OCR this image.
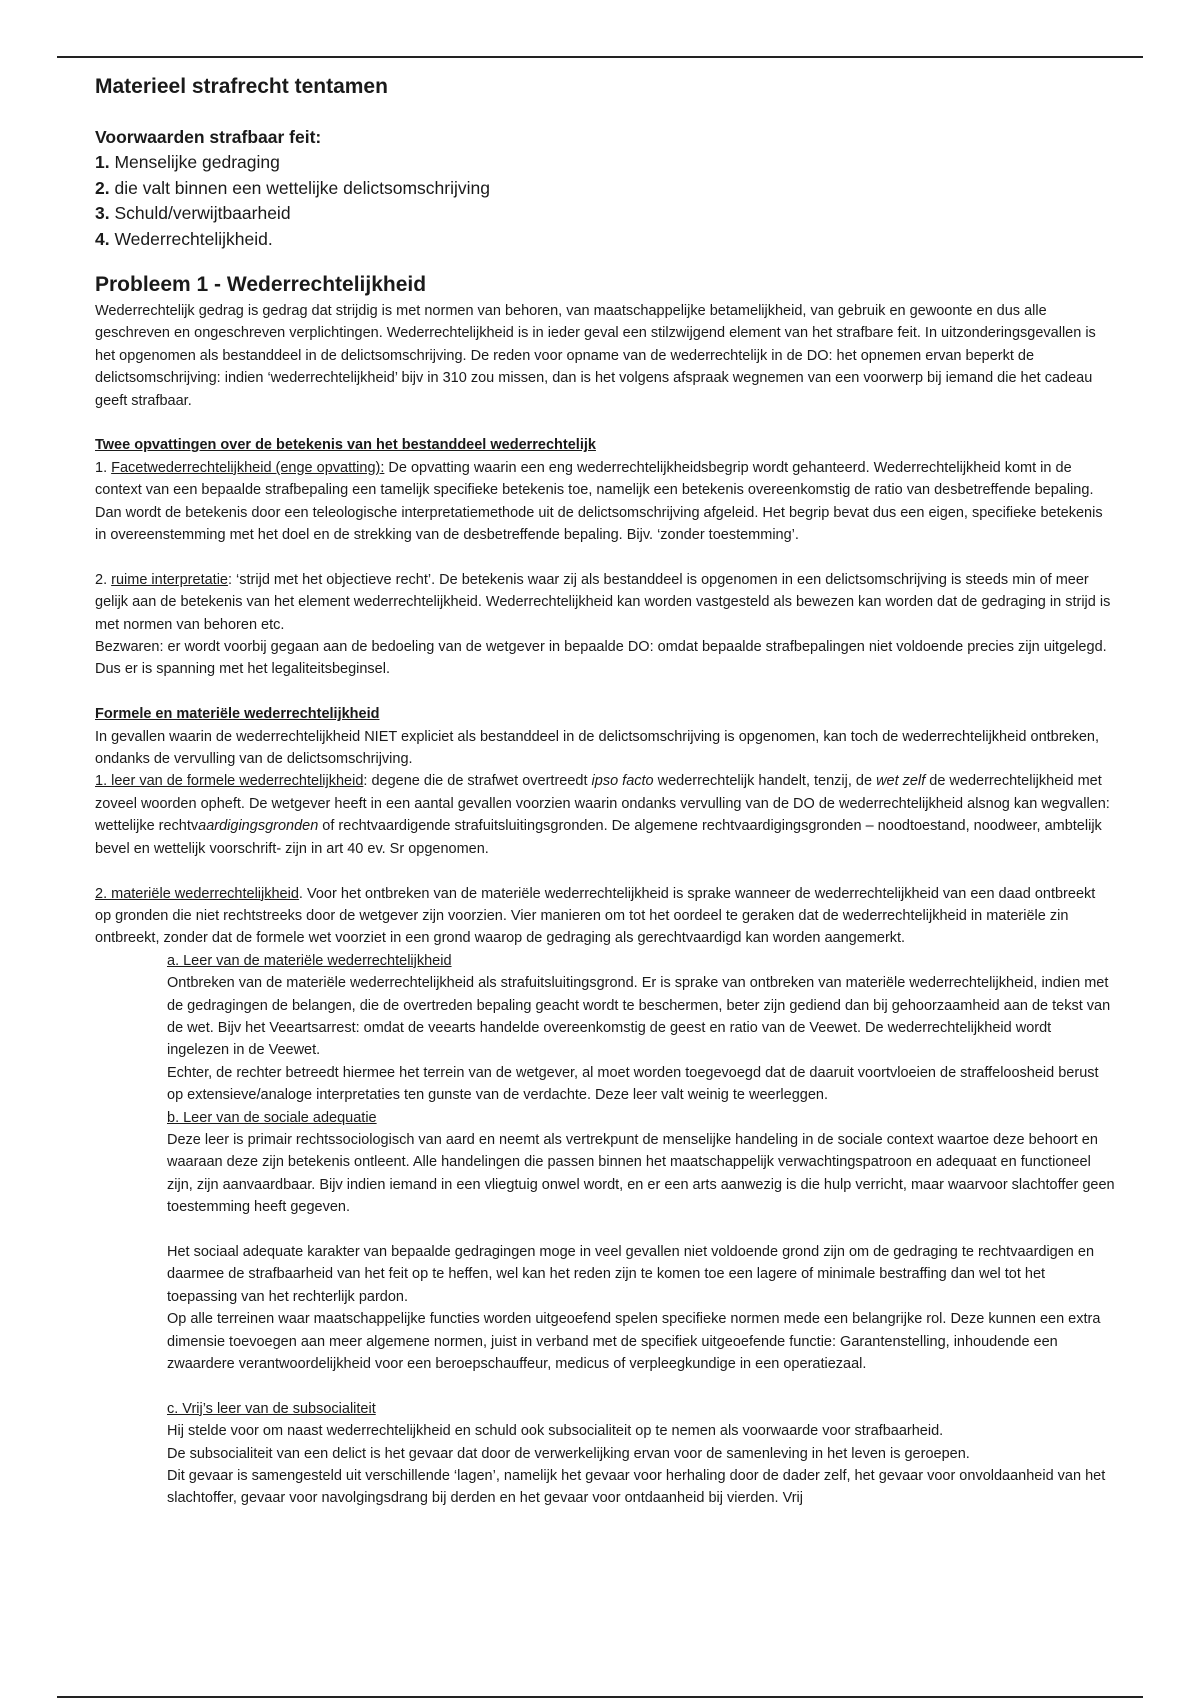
Materieel strafrecht tentamen

Voorwaarden strafbaar feit:

1. Menselijke gedraging
2. die valt binnen een wettelijke delictsomschrijving
3. Schuld/verwijtbaarheid
4. Wederrechtelijkheid.
Probleem 1 - Wederrechtelijkheid

Wederrechtelijk gedrag is gedrag dat strijdig is met normen van behoren, van maatschappelijke betamelijkheid, van gebruik en gewoonte en dus alle geschreven en ongeschreven verplichtingen. Wederrechtelijkheid is in ieder geval een stilzwijgend element van het strafbare feit. In uitzonderingsgevallen is het opgenomen als bestanddeel in de delictsomschrijving. De reden voor opname van de wederrechtelijk in de DO: het opnemen ervan beperkt de delictsomschrijving: indien ‘wederrechtelijkheid’ bijv in 310 zou missen, dan is het volgens afspraak wegnemen van een voorwerp bij iemand die het cadeau geeft strafbaar.

Twee opvattingen over de betekenis van het bestanddeel wederrechtelijk

1. Facetwederrechtelijkheid (enge opvatting): De opvatting waarin een eng wederrechtelijkheidsbegrip wordt gehanteerd. Wederrechtelijkheid komt in de context van een bepaalde strafbepaling een tamelijk specifieke betekenis toe, namelijk een betekenis overeenkomstig de ratio van desbetreffende bepaling. Dan wordt de betekenis door een teleologische interpretatiemethode uit de delictsomschrijving afgeleid. Het begrip bevat dus een eigen, specifieke betekenis in overeenstemming met het doel en de strekking van de desbetreffende bepaling. Bijv. ‘zonder toestemming’.

2. ruime interpretatie: ‘strijd met het objectieve recht’. De betekenis waar zij als bestanddeel is opgenomen in een delictsomschrijving is steeds min of meer gelijk aan de betekenis van het element wederrechtelijkheid. Wederrechtelijkheid kan worden vastgesteld als bewezen kan worden dat de gedraging in strijd is met normen van behoren etc.

Bezwaren: er wordt voorbij gegaan aan de bedoeling van de wetgever in bepaalde DO: omdat bepaalde strafbepalingen niet voldoende precies zijn uitgelegd. Dus er is spanning met het legaliteitsbeginsel.

Formele en materiële wederrechtelijkheid

In gevallen waarin de wederrechtelijkheid NIET expliciet als bestanddeel in de delictsomschrijving is opgenomen, kan toch de wederrechtelijkheid ontbreken, ondanks de vervulling van de delictsomschrijving.

1. leer van de formele wederrechtelijkheid: degene die de strafwet overtreedt ipso facto wederrechtelijk handelt, tenzij, de wet zelf de wederrechtelijkheid met zoveel woorden opheft. De wetgever heeft in een aantal gevallen voorzien waarin ondanks vervulling van de DO de wederrechtelijkheid alsnog kan wegvallen: wettelijke rechtvaardigingsgronden of rechtvaardigende strafuitsluitingsgronden. De algemene rechtvaardigingsgronden – noodtoestand, noodweer, ambtelijk bevel en wettelijk voorschrift- zijn in art 40 ev. Sr opgenomen.

2. materiële wederrechtelijkheid. Voor het ontbreken van de materiële wederrechtelijkheid is sprake wanneer de wederrechtelijkheid van een daad ontbreekt op gronden die niet rechtstreeks door de wetgever zijn voorzien. Vier manieren om tot het oordeel te geraken dat de wederrechtelijkheid in materiële zin ontbreekt, zonder dat de formele wet voorziet in een grond waarop de gedraging als gerechtvaardigd kan worden aangemerkt.

a. Leer van de materiële wederrechtelijkheid

Ontbreken van de materiële wederrechtelijkheid als strafuitsluitingsgrond. Er is sprake van ontbreken van materiële wederrechtelijkheid, indien met de gedragingen de belangen, die de overtreden bepaling geacht wordt te beschermen, beter zijn gediend dan bij gehoorzaamheid aan de tekst van de wet. Bijv het Veeartsarrest: omdat de veearts handelde overeenkomstig de geest en ratio van de Veewet. De wederrechtelijkheid wordt ingelezen in de Veewet.

Echter, de rechter betreedt hiermee het terrein van de wetgever, al moet worden toegevoegd dat de daaruit voortvloeien de straffeloosheid berust op extensieve/analoge interpretaties ten gunste van de verdachte. Deze leer valt weinig te weerleggen.

b. Leer van de sociale adequatie

Deze leer is primair rechtssociologisch van aard en neemt als vertrekpunt de menselijke handeling in de sociale context waartoe deze behoort en waaraan deze zijn betekenis ontleent. Alle handelingen die passen binnen het maatschappelijk verwachtingspatroon en adequaat en functioneel zijn, zijn aanvaardbaar. Bijv indien iemand in een vliegtuig onwel wordt, en er een arts aanwezig is die hulp verricht, maar waarvoor slachtoffer geen toestemming heeft gegeven.

Het sociaal adequate karakter van bepaalde gedragingen moge in veel gevallen niet voldoende grond zijn om de gedraging te rechtvaardigen en daarmee de strafbaarheid van het feit op te heffen, wel kan het reden zijn te komen toe een lagere of minimale bestraffing dan wel tot het toepassing van het rechterlijk pardon.

Op alle terreinen waar maatschappelijke functies worden uitgeoefend spelen specifieke normen mede een belangrijke rol. Deze kunnen een extra dimensie toevoegen aan meer algemene normen, juist in verband met de specifiek uitgeoefende functie: Garantenstelling, inhoudende een zwaardere verantwoordelijkheid voor een beroepschauffeur, medicus of verpleegkundige in een operatiezaal.

c. Vrij’s leer van de subsocialiteit

Hij stelde voor om naast wederrechtelijkheid en schuld ook subsocialiteit op te nemen als voorwaarde voor strafbaarheid.

De subsocialiteit van een delict is het gevaar dat door de verwerkelijking ervan voor de samenleving in het leven is geroepen.

Dit gevaar is samengesteld uit verschillende ‘lagen’, namelijk het gevaar voor herhaling door de dader zelf, het gevaar voor onvoldaanheid van het slachtoffer, gevaar voor navolgingsdrang bij derden en het gevaar voor ontdaanheid bij vierden. Vrij
